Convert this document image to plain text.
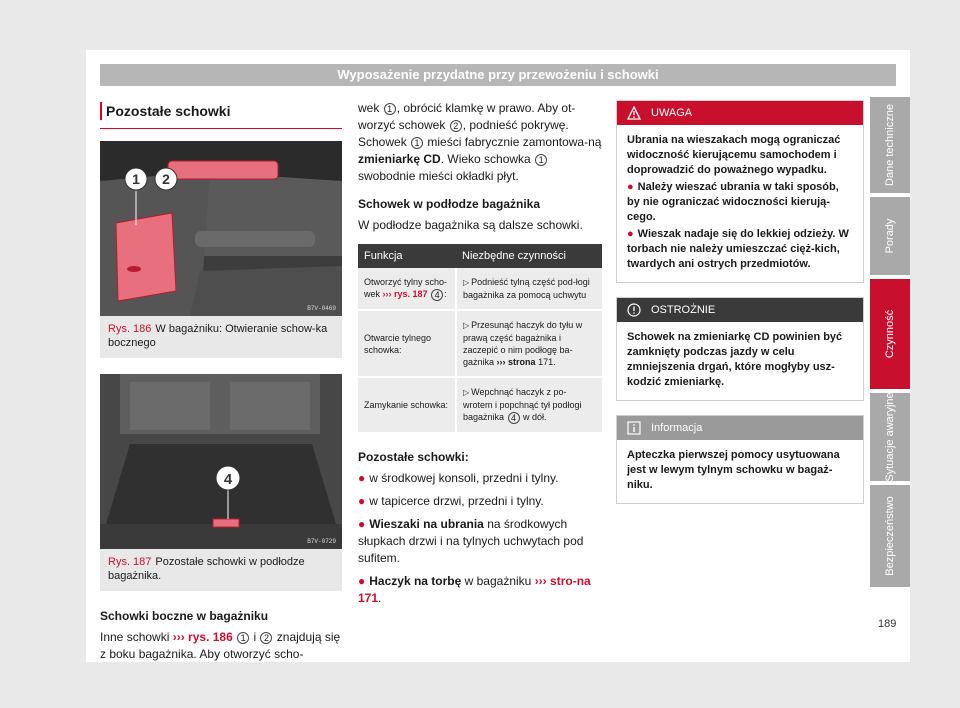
Wyposażenie przydatne przy przewożeniu i schowki
Pozostałe schowki
1 2
B7V-0469
Rys. 186 W bagażniku: Otwieranie schow-ka bocznego
4
B7V-0729
Rys. 187 Pozostałe schowki w podłodze bagażnika.
Schowki boczne w bagażniku
Inne schowki ››› rys. 186 1 i 2 znajdują się z boku bagażnika. Aby otworzyć scho-
wek 1 , obrócić klamkę w prawo. Aby ot-worzyć schowek 2 , podnieść pokrywę. Schowek 1 mieści fabrycznie zamontowa-ną zmieniarkę CD. Wieko schowka 1 swobodnie mieści okładki płyt.
Schowek w podłodze bagażnika
W podłodze bagażnika są dalsze schowki.
Funkcja	Niezbędne czynności
Otworzyć tylny scho-wek ››› rys. 187 4 :	▷ Podnieść tylną część pod-łogi bagażnika za pomocą uchwytu
Otwarcie tylnego schowka:	▷ Przesunąć haczyk do tyłu w prawą część bagażnika i zaczepić o nim podłogę ba-gażnika ››› strona 171.
Zamykanie schowka:	▷ Wepchnąć haczyk z po-wrotem i popchnąć tył podłogi bagażnika 4 w dół.
Pozostałe schowki:
● w środkowej konsoli, przedni i tylny.
● w tapicerce drzwi, przedni i tylny.
● Wieszaki na ubrania na środkowych słupkach drzwi i na tylnych uchwytach pod sufitem.
● Haczyk na torbę w bagażniku ››› stro-na 171.
UWAGA
Ubrania na wieszakach mogą ograniczać widoczność kierującemu samochodem i doprowadzić do poważnego wypadku.
● Należy wieszać ubrania w taki sposób, by nie ograniczać widoczności kierują-cego.
● Wieszak nadaje się do lekkiej odzieży. W torbach nie należy umieszczać cięż-kich, twardych ani ostrych przedmiotów.
OSTROŻNIE
Schowek na zmieniarkę CD powinien być zamknięty podczas jazdy w celu zmniejszenia drgań, które mogłyby usz-kodzić zmieniarkę.
Informacja
Apteczka pierwszej pomocy usytuowana jest w lewym tylnym schowku w bagaż-niku.
Dane techniczne
Porady
Czynność
Sytuacje awaryjne
Bezpieczeństwo
189
